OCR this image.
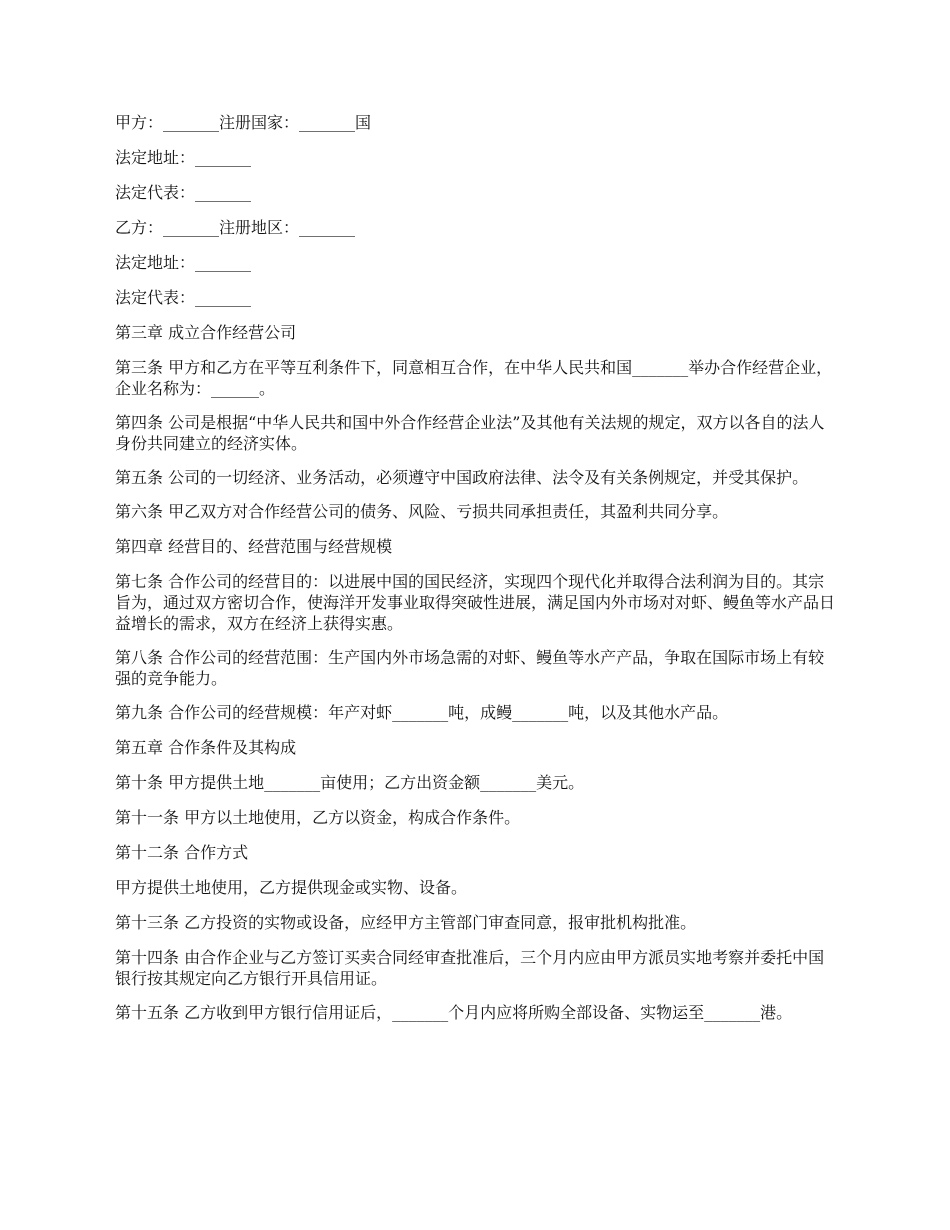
甲方：_______注册国家：_______国

法定地址：_______

法定代表：_______

乙方：_______注册地区：_______

法定地址：_______

法定代表：_______

第三章 成立合作经营公司

第三条 甲方和乙方在平等互利条件下，同意相互合作，在中华人民共和国_______举办合作经营企业，企业名称为：______。

第四条 公司是根据“中华人民共和国中外合作经营企业法”及其他有关法规的规定，双方以各自的法人身份共同建立的经济实体。

第五条 公司的一切经济、业务活动，必须遵守中国政府法律、法令及有关条例规定，并受其保护。

第六条 甲乙双方对合作经营公司的债务、风险、亏损共同承担责任，其盈利共同分享。

第四章 经营目的、经营范围与经营规模

第七条 合作公司的经营目的：以进展中国的国民经济，实现四个现代化并取得合法利润为目的。其宗旨为，通过双方密切合作，使海洋开发事业取得突破性进展，满足国内外市场对对虾、鳗鱼等水产品日益增长的需求，双方在经济上获得实惠。

第八条 合作公司的经营范围：生产国内外市场急需的对虾、鳗鱼等水产产品，争取在国际市场上有较强的竞争能力。

第九条 合作公司的经营规模：年产对虾_______吨，成鳗_______吨，以及其他水产品。

第五章 合作条件及其构成

第十条 甲方提供土地_______亩使用；乙方出资金额_______美元。

第十一条 甲方以土地使用，乙方以资金，构成合作条件。

第十二条 合作方式

甲方提供土地使用，乙方提供现金或实物、设备。

第十三条 乙方投资的实物或设备，应经甲方主管部门审查同意，报审批机构批准。

第十四条 由合作企业与乙方签订买卖合同经审查批准后，三个月内应由甲方派员实地考察并委托中国银行按其规定向乙方银行开具信用证。

第十五条 乙方收到甲方银行信用证后，_______个月内应将所购全部设备、实物运至_______港。
